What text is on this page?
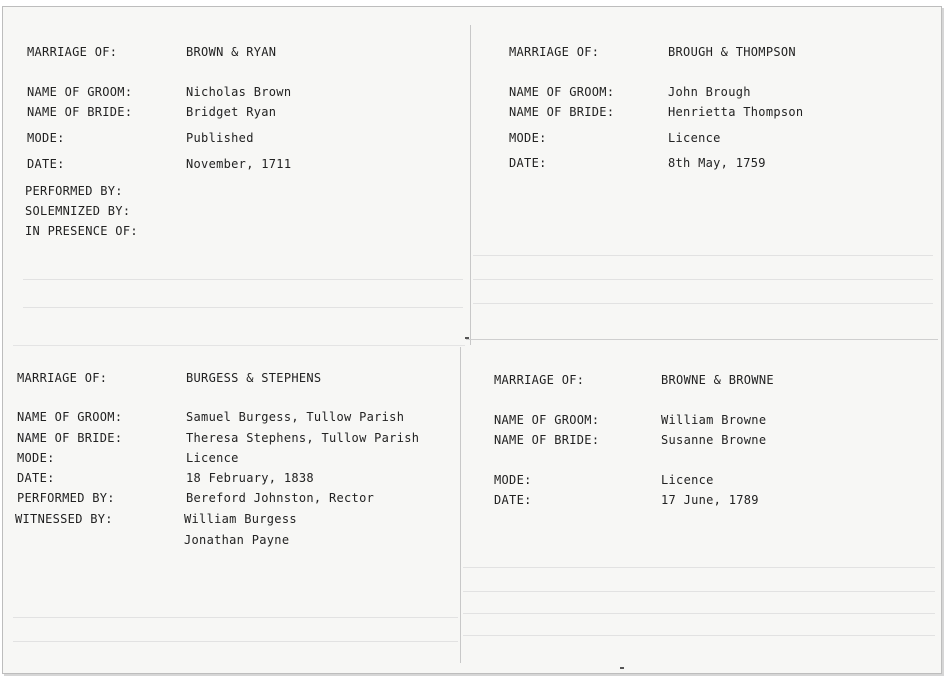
MARRIAGE OF:	BROWN & RYAN
NAME OF GROOM:	Nicholas Brown
NAME OF BRIDE:	Bridget Ryan
MODE:	Published
DATE:	November, 1711
PERFORMED BY:
SOLEMNIZED BY:
IN PRESENCE OF:
MARRIAGE OF:	BROUGH & THOMPSON
NAME OF GROOM:	John Brough
NAME OF BRIDE:	Henrietta Thompson
MODE:	Licence
DATE:	8th May, 1759
MARRIAGE OF:	BURGESS & STEPHENS
NAME OF GROOM:	Samuel Burgess, Tullow Parish
NAME OF BRIDE:	Theresa Stephens, Tullow Parish
MODE:	Licence
DATE:	18 February, 1838
PERFORMED BY:	Bereford Johnston, Rector
WITNESSED BY:	William Burgess
Jonathan Payne
MARRIAGE OF:	BROWNE & BROWNE
NAME OF GROOM:	William Browne
NAME OF BRIDE:	Susanne Browne
MODE:	Licence
DATE:	17 June, 1789
